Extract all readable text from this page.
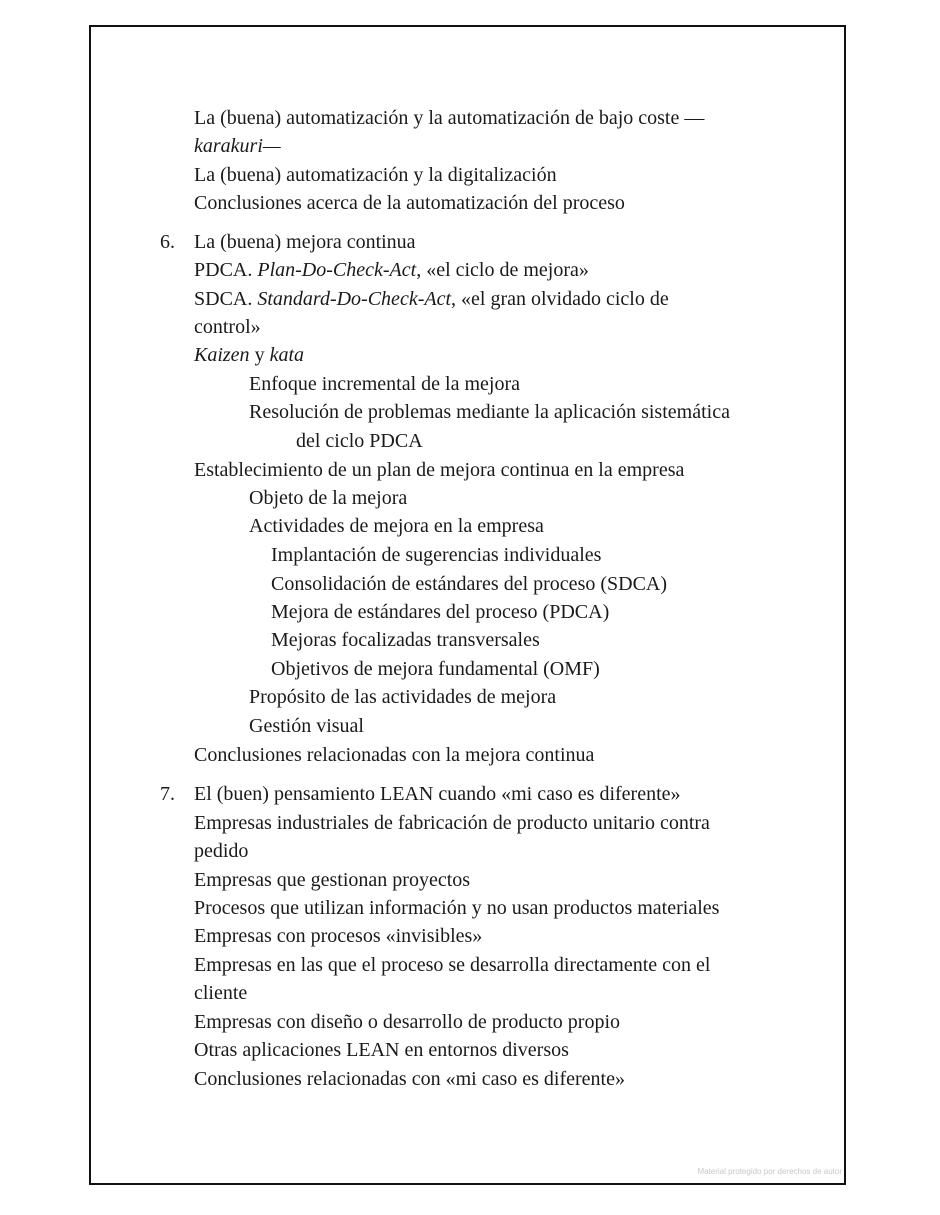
La (buena) automatización y la automatización de bajo coste —
karakuri—
La (buena) automatización y la digitalización
Conclusiones acerca de la automatización del proceso
6. La (buena) mejora continua
PDCA. Plan-Do-Check-Act, «el ciclo de mejora»
SDCA. Standard-Do-Check-Act, «el gran olvidado ciclo de
control»
Kaizen y kata
Enfoque incremental de la mejora
Resolución de problemas mediante la aplicación sistemática
del ciclo PDCA
Establecimiento de un plan de mejora continua en la empresa
Objeto de la mejora
Actividades de mejora en la empresa
Implantación de sugerencias individuales
Consolidación de estándares del proceso (SDCA)
Mejora de estándares del proceso (PDCA)
Mejoras focalizadas transversales
Objetivos de mejora fundamental (OMF)
Propósito de las actividades de mejora
Gestión visual
Conclusiones relacionadas con la mejora continua
7. El (buen) pensamiento LEAN cuando «mi caso es diferente»
Empresas industriales de fabricación de producto unitario contra
pedido
Empresas que gestionan proyectos
Procesos que utilizan información y no usan productos materiales
Empresas con procesos «invisibles»
Empresas en las que el proceso se desarrolla directamente con el
cliente
Empresas con diseño o desarrollo de producto propio
Otras aplicaciones LEAN en entornos diversos
Conclusiones relacionadas con «mi caso es diferente»
Material protegido por derechos de autor
